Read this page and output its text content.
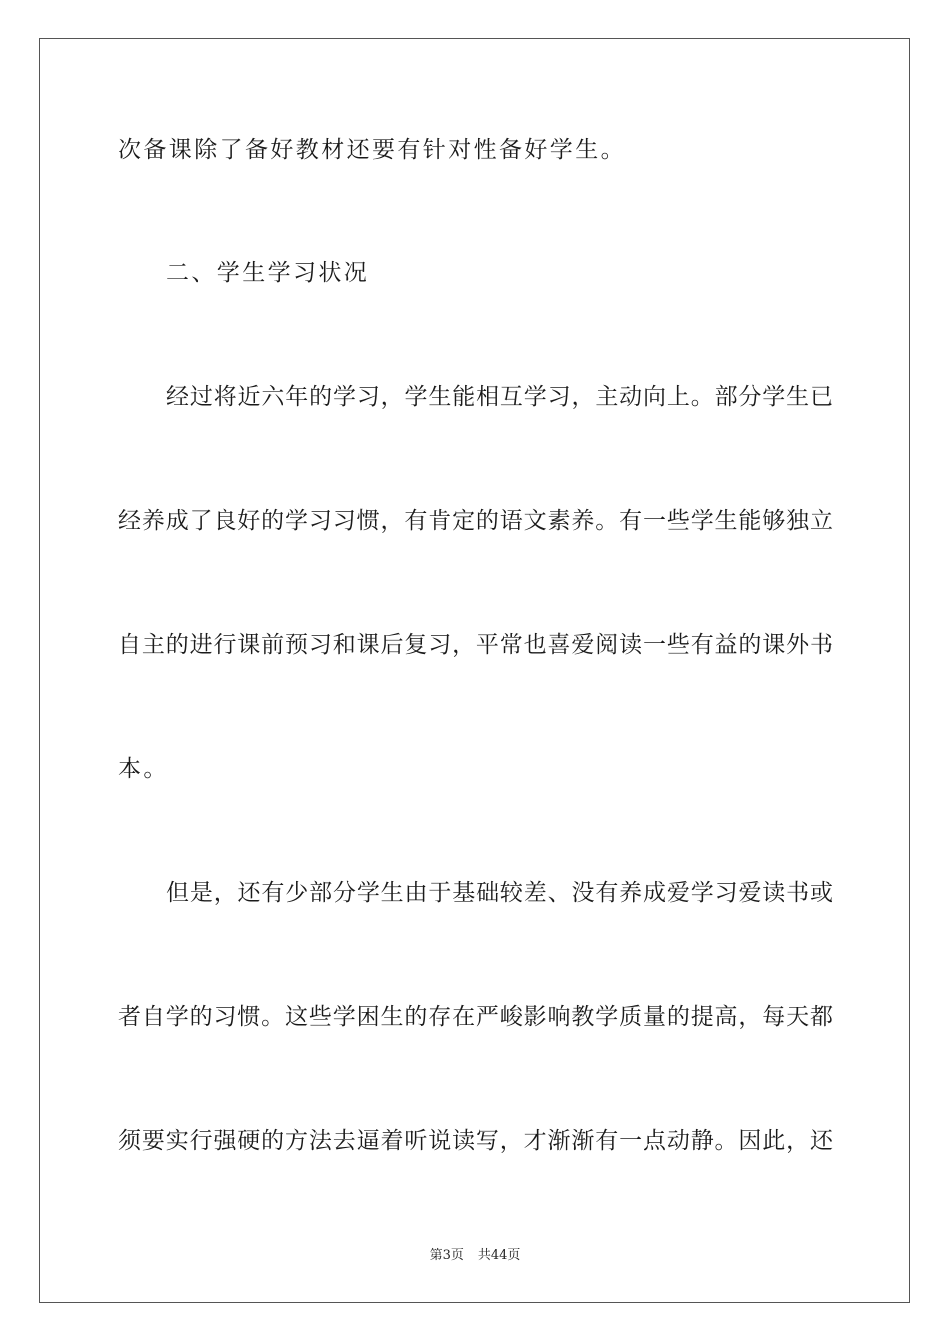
次备课除了备好教材还要有针对性备好学生。
二、学生学习状况
经过将近六年的学习，学生能相互学习，主动向上。部分学生已
经养成了良好的学习习惯，有肯定的语文素养。有一些学生能够独立
自主的进行课前预习和课后复习，平常也喜爱阅读一些有益的课外书
本。
但是，还有少部分学生由于基础较差、没有养成爱学习爱读书或
者自学的习惯。这些学困生的存在严峻影响教学质量的提高，每天都
须要实行强硬的方法去逼着听说读写，才渐渐有一点动静。因此，还
第3页 共44页
